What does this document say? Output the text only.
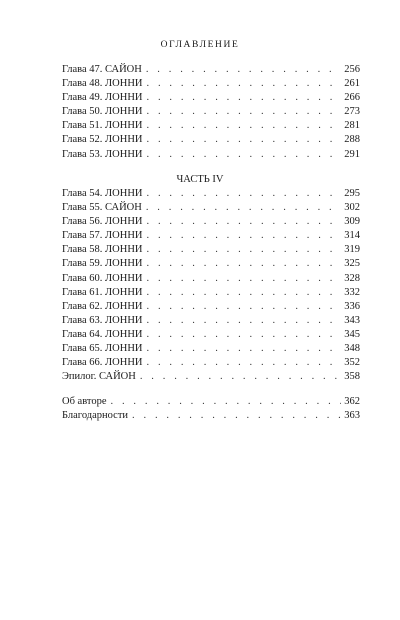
ОГЛАВЛЕНИЕ
Глава 47. САЙОН . . .	256
Глава 48. ЛОННИ . . .	261
Глава 49. ЛОННИ . . .	266
Глава 50. ЛОННИ . . .	273
Глава 51. ЛОННИ . . .	281
Глава 52. ЛОННИ . . .	288
Глава 53. ЛОННИ . . .	291
ЧАСТЬ IV
Глава 54. ЛОННИ . . .	295
Глава 55. САЙОН . . .	302
Глава 56. ЛОННИ . . .	309
Глава 57. ЛОННИ . . .	314
Глава 58. ЛОННИ . . .	319
Глава 59. ЛОННИ . . .	325
Глава 60. ЛОННИ . . .	328
Глава 61. ЛОННИ . . .	332
Глава 62. ЛОННИ . . .	336
Глава 63. ЛОННИ . . .	343
Глава 64. ЛОННИ . . .	345
Глава 65. ЛОННИ . . .	348
Глава 66. ЛОННИ . . .	352
Эпилог. САЙОН . . .	358
Об авторе . . .	362
Благодарности . . .	363
